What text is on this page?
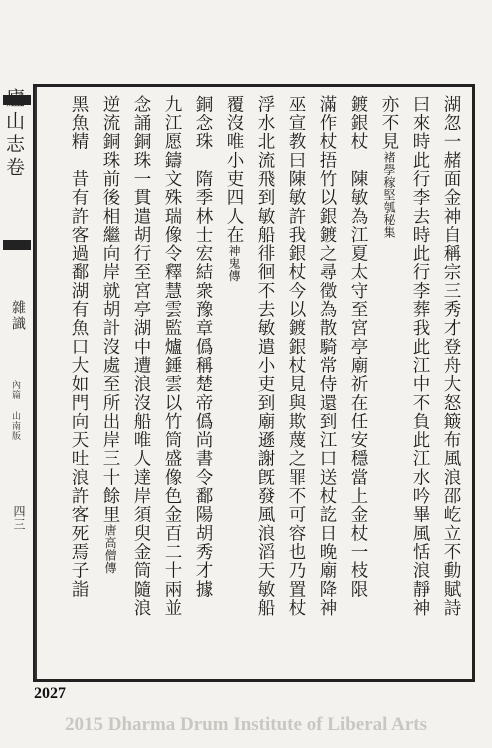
廬山志卷
雜識
內篇 山南版
四三	湖忽一赭面金神自稱宗三秀才登舟大怒簸布風浪邵屹立不動賦詩
曰來時此行李去時此行李葬我此江中不負此江水吟畢風恬浪靜神
亦不見褚學稼堅瓠秘集
鍍銀杖　陳敏為江夏太守至宮亭廟祈在任安穩當上金杖一枝限
滿作杖捂竹以銀鍍之尋徵為散騎常侍還到江口送杖訖日晚廟降神
巫宣教曰陳敏許我銀杖今以鍍銀杖見與欺蔑之罪不可容也乃置杖
浮水北流飛到敏船徘徊不去敏遣小吏到廟遜謝旣發風浪滔天敏船
覆沒唯小吏四人在神鬼傳
銅念珠　隋季林士宏結衆豫章僞稱楚帝僞尚書令鄱陽胡秀才據
九江愿鑄文殊瑞像令釋慧雲監爐錘雲以竹筒盛像色金百二十兩並
念誦銅珠一貫遣胡行至宮亭湖中遭浪沒船唯人達岸須臾金筒隨浪
逆流銅珠前後相繼向岸就胡計沒處至所出岸三十餘里唐高僧傳
黑魚精　昔有許客過鄱湖有魚口大如門向天吐浪許客死焉子詣
2027
2015 Dharma Drum Institute of Liberal Arts
